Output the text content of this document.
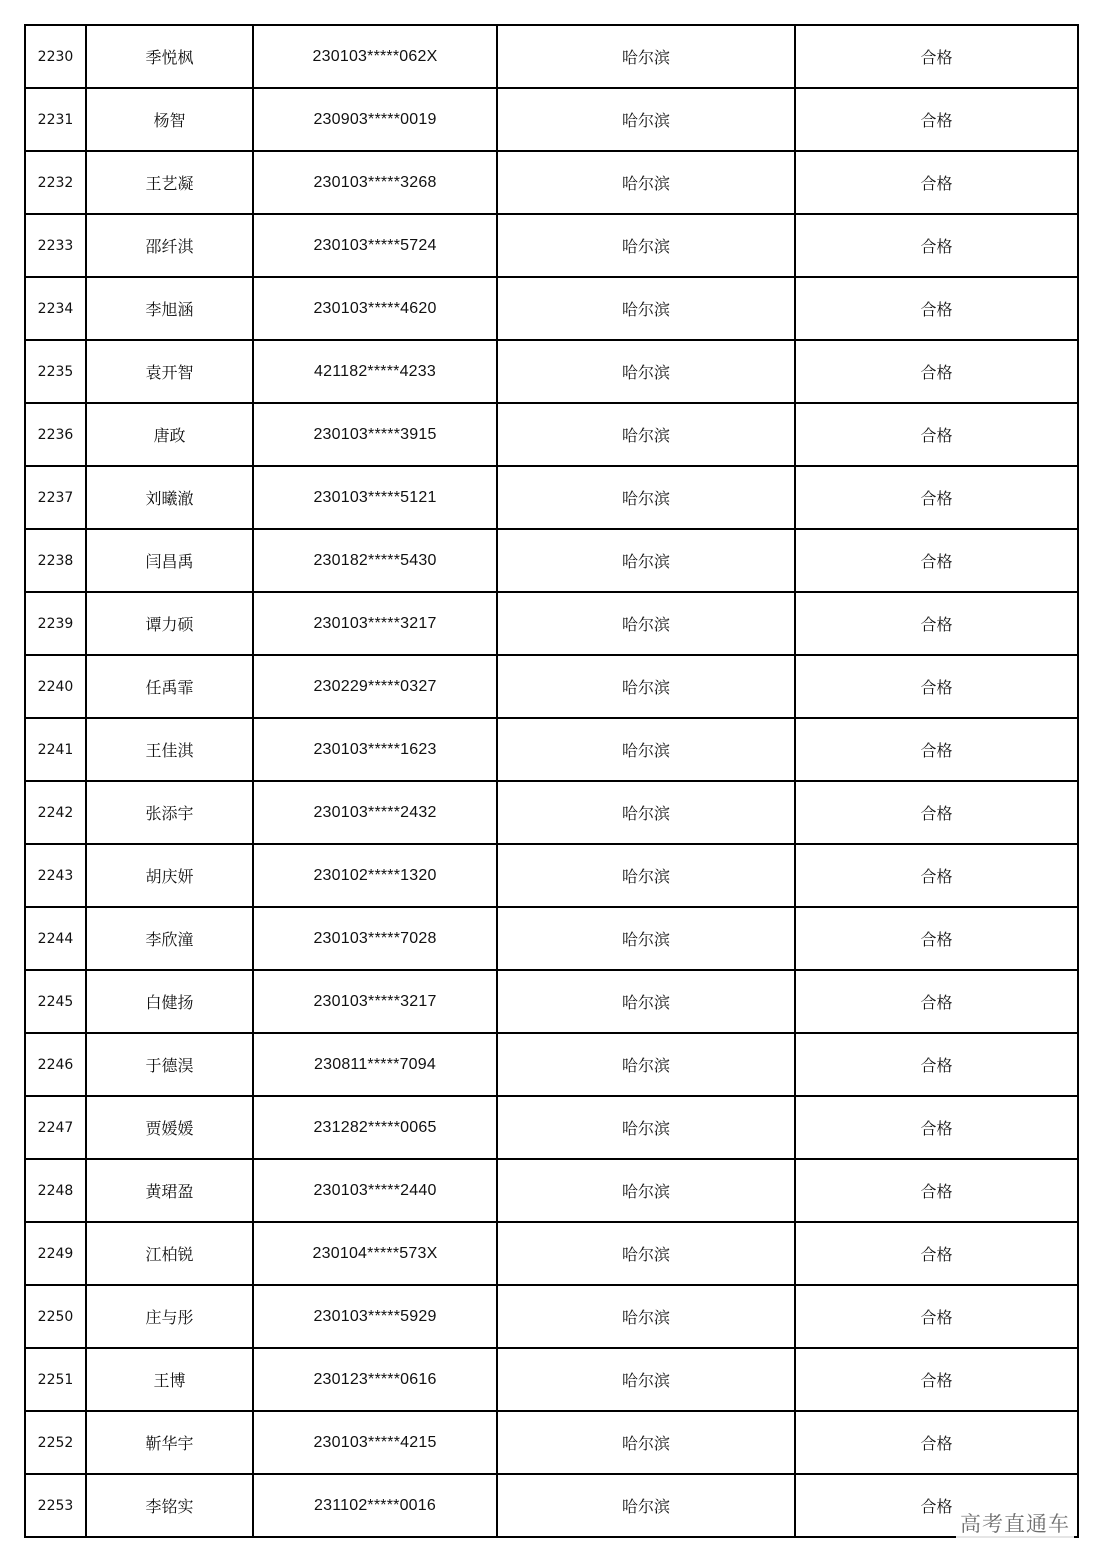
2230	季悦枫	230103*****062X	哈尔滨	合格
2231	杨智	230903*****0019	哈尔滨	合格
2232	王艺凝	230103*****3268	哈尔滨	合格
2233	邵纤淇	230103*****5724	哈尔滨	合格
2234	李旭涵	230103*****4620	哈尔滨	合格
2235	袁开智	421182*****4233	哈尔滨	合格
2236	唐政	230103*****3915	哈尔滨	合格
2237	刘曦澈	230103*****5121	哈尔滨	合格
2238	闫昌禹	230182*****5430	哈尔滨	合格
2239	谭力硕	230103*****3217	哈尔滨	合格
2240	任禹霏	230229*****0327	哈尔滨	合格
2241	王佳淇	230103*****1623	哈尔滨	合格
2242	张添宇	230103*****2432	哈尔滨	合格
2243	胡庆妍	230102*****1320	哈尔滨	合格
2244	李欣潼	230103*****7028	哈尔滨	合格
2245	白健扬	230103*****3217	哈尔滨	合格
2246	于德淏	230811*****7094	哈尔滨	合格
2247	贾媛媛	231282*****0065	哈尔滨	合格
2248	黄珺盈	230103*****2440	哈尔滨	合格
2249	江柏锐	230104*****573X	哈尔滨	合格
2250	庄与彤	230103*****5929	哈尔滨	合格
2251	王博	230123*****0616	哈尔滨	合格
2252	靳华宇	230103*****4215	哈尔滨	合格
2253	李铭实	231102*****0016	哈尔滨	合格
高考直通车
